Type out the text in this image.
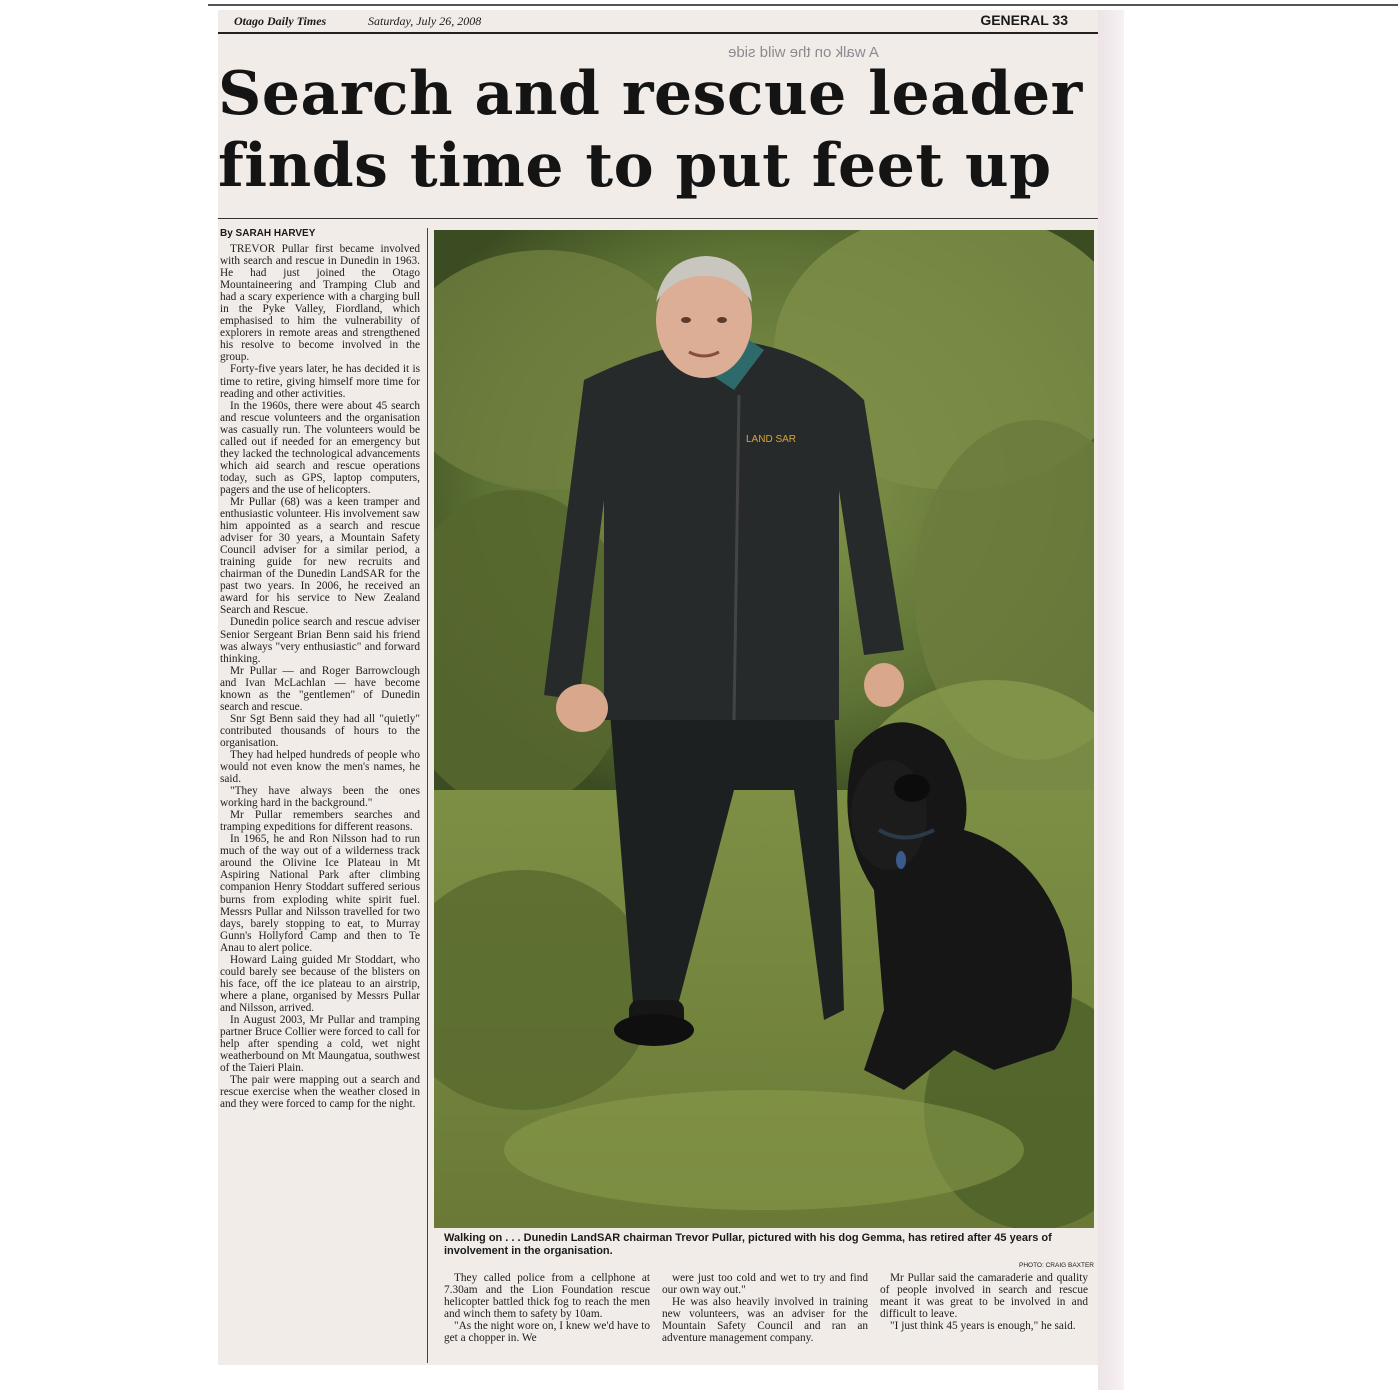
Otago Daily Times	Saturday, July 26, 2008	GENERAL 33
A walk on the wild side
Search and rescue leader
finds time to put feet up
By SARAH HARVEY

TREVOR Pullar first became involved with search and rescue in Dunedin in 1963. He had just joined the Otago Mountaineering and Tramping Club and had a scary experience with a charging bull in the Pyke Valley, Fiordland, which emphasised to him the vulnerability of explorers in remote areas and strengthened his resolve to become involved in the group.

Forty-five years later, he has decided it is time to retire, giving himself more time for reading and other activities.

In the 1960s, there were about 45 search and rescue volunteers and the organisation was casually run. The volunteers would be called out if needed for an emergency but they lacked the technological advancements which aid search and rescue operations today, such as GPS, laptop computers, pagers and the use of helicopters.

Mr Pullar (68) was a keen tramper and enthusiastic volunteer. His involvement saw him appointed as a search and rescue adviser for 30 years, a Mountain Safety Council adviser for a similar period, a training guide for new recruits and chairman of the Dunedin LandSAR for the past two years. In 2006, he received an award for his service to New Zealand Search and Rescue.

Dunedin police search and rescue adviser Senior Sergeant Brian Benn said his friend was always "very enthusiastic" and forward thinking.

Mr Pullar — and Roger Barrowclough and Ivan McLachlan — have become known as the "gentlemen" of Dunedin search and rescue.

Snr Sgt Benn said they had all "quietly" contributed thousands of hours to the organisation.

They had helped hundreds of people who would not even know the men's names, he said.

"They have always been the ones working hard in the background."

Mr Pullar remembers searches and tramping expeditions for different reasons.

In 1965, he and Ron Nilsson had to run much of the way out of a wilderness track around the Olivine Ice Plateau in Mt Aspiring National Park after climbing companion Henry Stoddart suffered serious burns from exploding white spirit fuel. Messrs Pullar and Nilsson travelled for two days, barely stopping to eat, to Murray Gunn's Hollyford Camp and then to Te Anau to alert police.

Howard Laing guided Mr Stoddart, who could barely see because of the blisters on his face, off the ice plateau to an airstrip, where a plane, organised by Messrs Pullar and Nilsson, arrived.

In August 2003, Mr Pullar and tramping partner Bruce Collier were forced to call for help after spending a cold, wet night weatherbound on Mt Maungatua, southwest of the Taieri Plain.

The pair were mapping out a search and rescue exercise when the weather closed in and they were forced to camp for the night.

LAND SAR
Walking on . . . Dunedin LandSAR chairman Trevor Pullar, pictured with his dog Gemma, has retired after 45 years of involvement in the organisation.
PHOTO: CRAIG BAXTER

They called police from a cellphone at 7.30am and the Lion Foundation rescue helicopter battled thick fog to reach the men and winch them to safety by 10am.

"As the night wore on, I knew we'd have to get a chopper in. We

were just too cold and wet to try and find our own way out."

He was also heavily involved in training new volunteers, was an adviser for the Mountain Safety Council and ran an adventure management company.

Mr Pullar said the camaraderie and quality of people involved in search and rescue meant it was great to be involved in and difficult to leave.

"I just think 45 years is enough," he said.
